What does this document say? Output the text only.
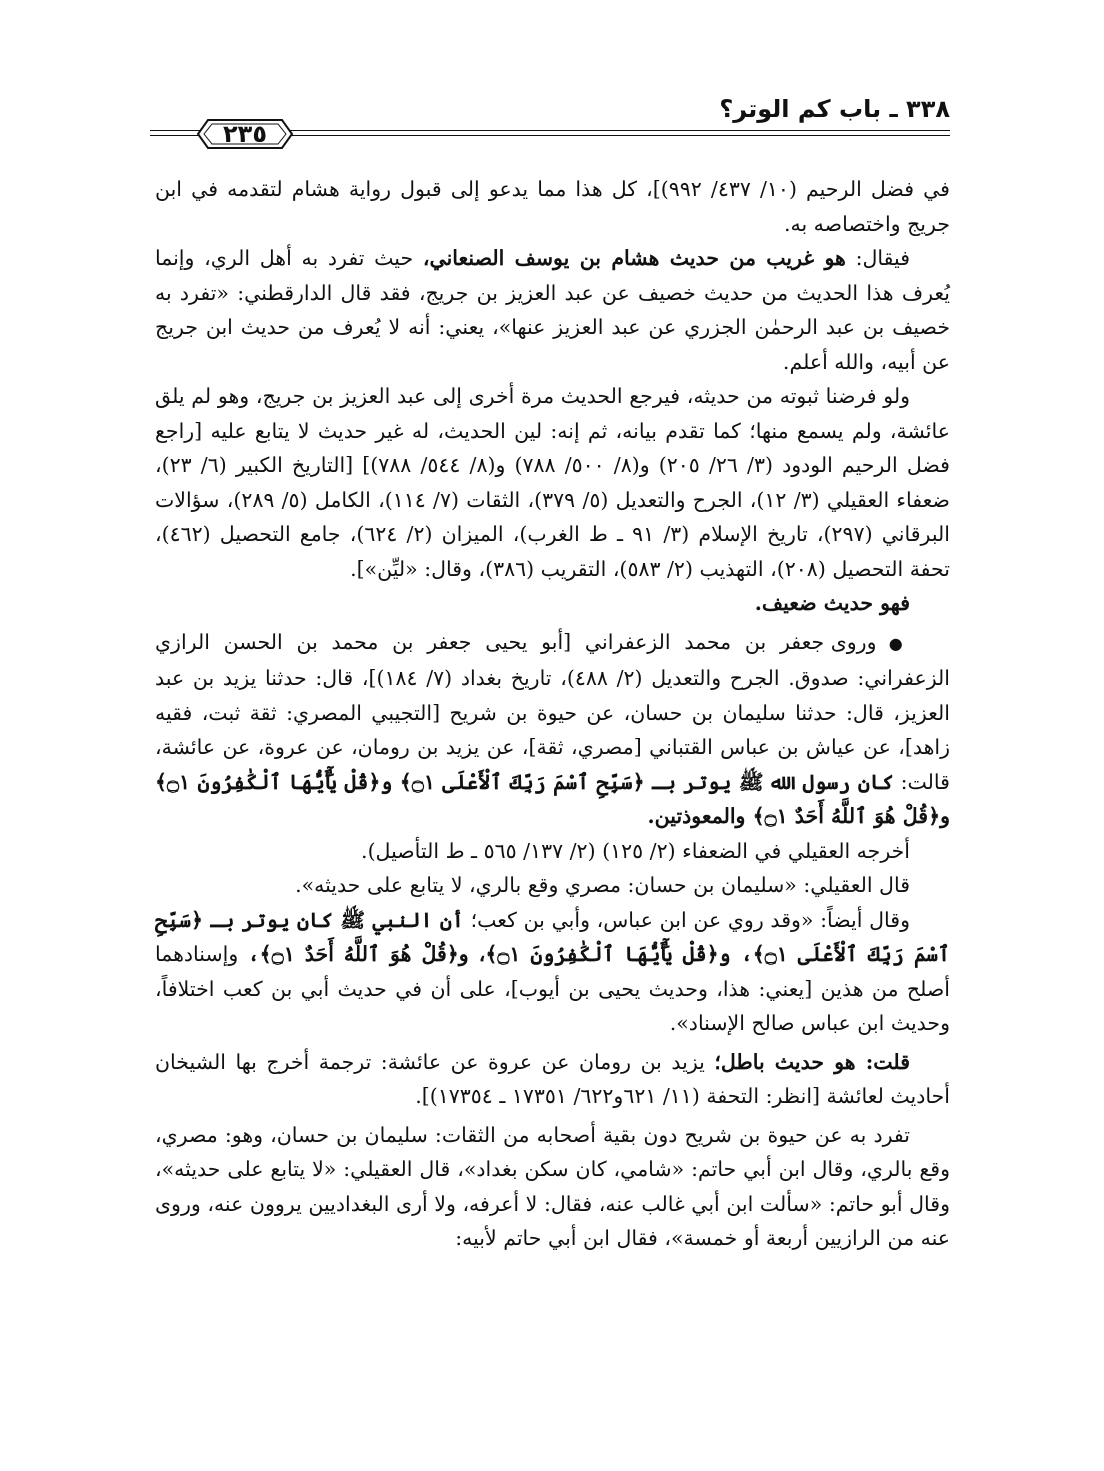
٣٣٨ ـ باب كم الوتر؟
٢٣٥

في فضل الرحيم (١٠/ ٤٣٧/ ٩٩٢)]، كل هذا مما يدعو إلى قبول رواية هشام لتقدمه في ابن جريج واختصاصه به.

فيقال: هو غريب من حديث هشام بن يوسف الصنعاني، حيث تفرد به أهل الري، وإنما يُعرف هذا الحديث من حديث خصيف عن عبد العزيز بن جريج، فقد قال الدارقطني: «تفرد به خصيف بن عبد الرحمٰن الجزري عن عبد العزيز عنها»، يعني: أنه لا يُعرف من حديث ابن جريج عن أبيه، والله أعلم.

ولو فرضنا ثبوته من حديثه، فيرجع الحديث مرة أخرى إلى عبد العزيز بن جريج، وهو لم يلق عائشة، ولم يسمع منها؛ كما تقدم بيانه، ثم إنه: لين الحديث، له غير حديث لا يتابع عليه [راجع فضل الرحيم الودود (٣/ ٢٦/ ٢٠٥) و(٨/ ٥٠٠/ ٧٨٨) و(٨/ ٥٤٤/ ٧٨٨)] [التاريخ الكبير (٦/ ٢٣)، ضعفاء العقيلي (٣/ ١٢)، الجرح والتعديل (٥/ ٣٧٩)، الثقات (٧/ ١١٤)، الكامل (٥/ ٢٨٩)، سؤالات البرقاني (٢٩٧)، تاريخ الإسلام (٣/ ٩١ ـ ط الغرب)، الميزان (٢/ ٦٢٤)، جامع التحصيل (٤٦٢)، تحفة التحصيل (٢٠٨)، التهذيب (٢/ ٥٨٣)، التقريب (٣٨٦)، وقال: «ليِّن»].

فهو حديث ضعيف.

● وروى جعفر بن محمد الزعفراني [أبو يحيى جعفر بن محمد بن الحسن الرازي الزعفراني: صدوق. الجرح والتعديل (٢/ ٤٨٨)، تاريخ بغداد (٧/ ١٨٤)]، قال: حدثنا يزيد بن عبد العزيز، قال: حدثنا سليمان بن حسان، عن حيوة بن شريح [التجيبي المصري: ثقة ثبت، فقيه زاهد]، عن عياش بن عباس القتباني [مصري، ثقة]، عن يزيد بن رومان، عن عروة، عن عائشة، قالت: كان رسول الله ﷺ يوتر بـ ﴿سَبِّحِ ٱسْمَ رَبِّكَ ٱلْأَعْلَى ۝١﴾ و﴿قُلْ يَٰٓأَيُّهَا ٱلْكَٰفِرُونَ ۝١﴾ و﴿قُلْ هُوَ ٱللَّهُ أَحَدٌ ۝١﴾ والمعوذتين.

أخرجه العقيلي في الضعفاء (٢/ ١٢٥) (٢/ ١٣٧/ ٥٦٥ ـ ط التأصيل).

قال العقيلي: «سليمان بن حسان: مصري وقع بالري، لا يتابع على حديثه».

وقال أيضاً: «وقد روي عن ابن عباس، وأبي بن كعب؛ أن النبي ﷺ كان يوتر بـ ﴿سَبِّحِ ٱسْمَ رَبِّكَ ٱلْأَعْلَى ۝١﴾، و﴿قُلْ يَٰٓأَيُّهَا ٱلْكَٰفِرُونَ ۝١﴾، و﴿قُلْ هُوَ ٱللَّهُ أَحَدٌ ۝١﴾، وإسنادهما أصلح من هذين [يعني: هذا، وحديث يحيى بن أيوب]، على أن في حديث أبي بن كعب اختلافاً، وحديث ابن عباس صالح الإسناد».

قلت: هو حديث باطل؛ يزيد بن رومان عن عروة عن عائشة: ترجمة أخرج بها الشيخان أحاديث لعائشة [انظر: التحفة (١١/ ٦٢١و٦٢٢/ ١٧٣٥١ ـ ١٧٣٥٤)].

تفرد به عن حيوة بن شريح دون بقية أصحابه من الثقات: سليمان بن حسان، وهو: مصري، وقع بالري، وقال ابن أبي حاتم: «شامي، كان سكن بغداد»، قال العقيلي: «لا يتابع على حديثه»، وقال أبو حاتم: «سألت ابن أبي غالب عنه، فقال: لا أعرفه، ولا أرى البغداديين يروون عنه، وروى عنه من الرازيين أربعة أو خمسة»، فقال ابن أبي حاتم لأبيه:
